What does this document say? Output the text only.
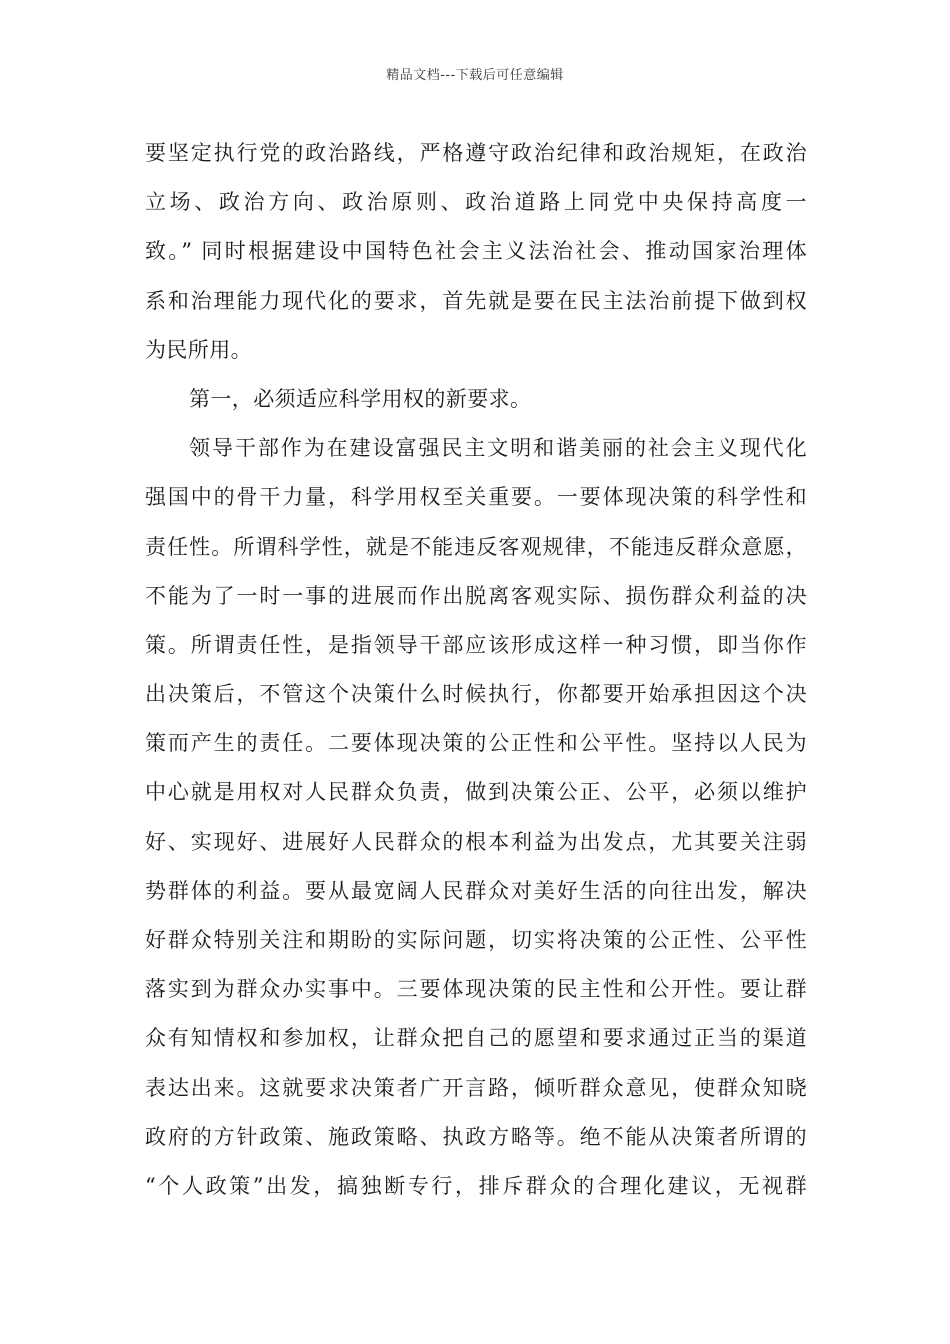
精品文档---下载后可任意编辑
要坚定执行党的政治路线，严格遵守政治纪律和政治规矩，在政治
立场、政治方向、政治原则、政治道路上同党中央保持高度一
致。” 同时根据建设中国特色社会主义法治社会、推动国家治理体
系和治理能力现代化的要求，首先就是要在民主法治前提下做到权
为民所用。
第一，必须适应科学用权的新要求。
领导干部作为在建设富强民主文明和谐美丽的社会主义现代化
强国中的骨干力量，科学用权至关重要。一要体现决策的科学性和
责任性。所谓科学性，就是不能违反客观规律，不能违反群众意愿，
不能为了一时一事的进展而作出脱离客观实际、损伤群众利益的决
策。所谓责任性，是指领导干部应该形成这样一种习惯，即当你作
出决策后，不管这个决策什么时候执行，你都要开始承担因这个决
策而产生的责任。二要体现决策的公正性和公平性。坚持以人民为
中心就是用权对人民群众负责，做到决策公正、公平，必须以维护
好、实现好、进展好人民群众的根本利益为出发点，尤其要关注弱
势群体的利益。要从最宽阔人民群众对美好生活的向往出发，解决
好群众特别关注和期盼的实际问题，切实将决策的公正性、公平性
落实到为群众办实事中。三要体现决策的民主性和公开性。要让群
众有知情权和参加权，让群众把自己的愿望和要求通过正当的渠道
表达出来。这就要求决策者广开言路，倾听群众意见，使群众知晓
政府的方针政策、施政策略、执政方略等。绝不能从决策者所谓的
“个人政策”出发，搞独断专行，排斥群众的合理化建议，无视群
